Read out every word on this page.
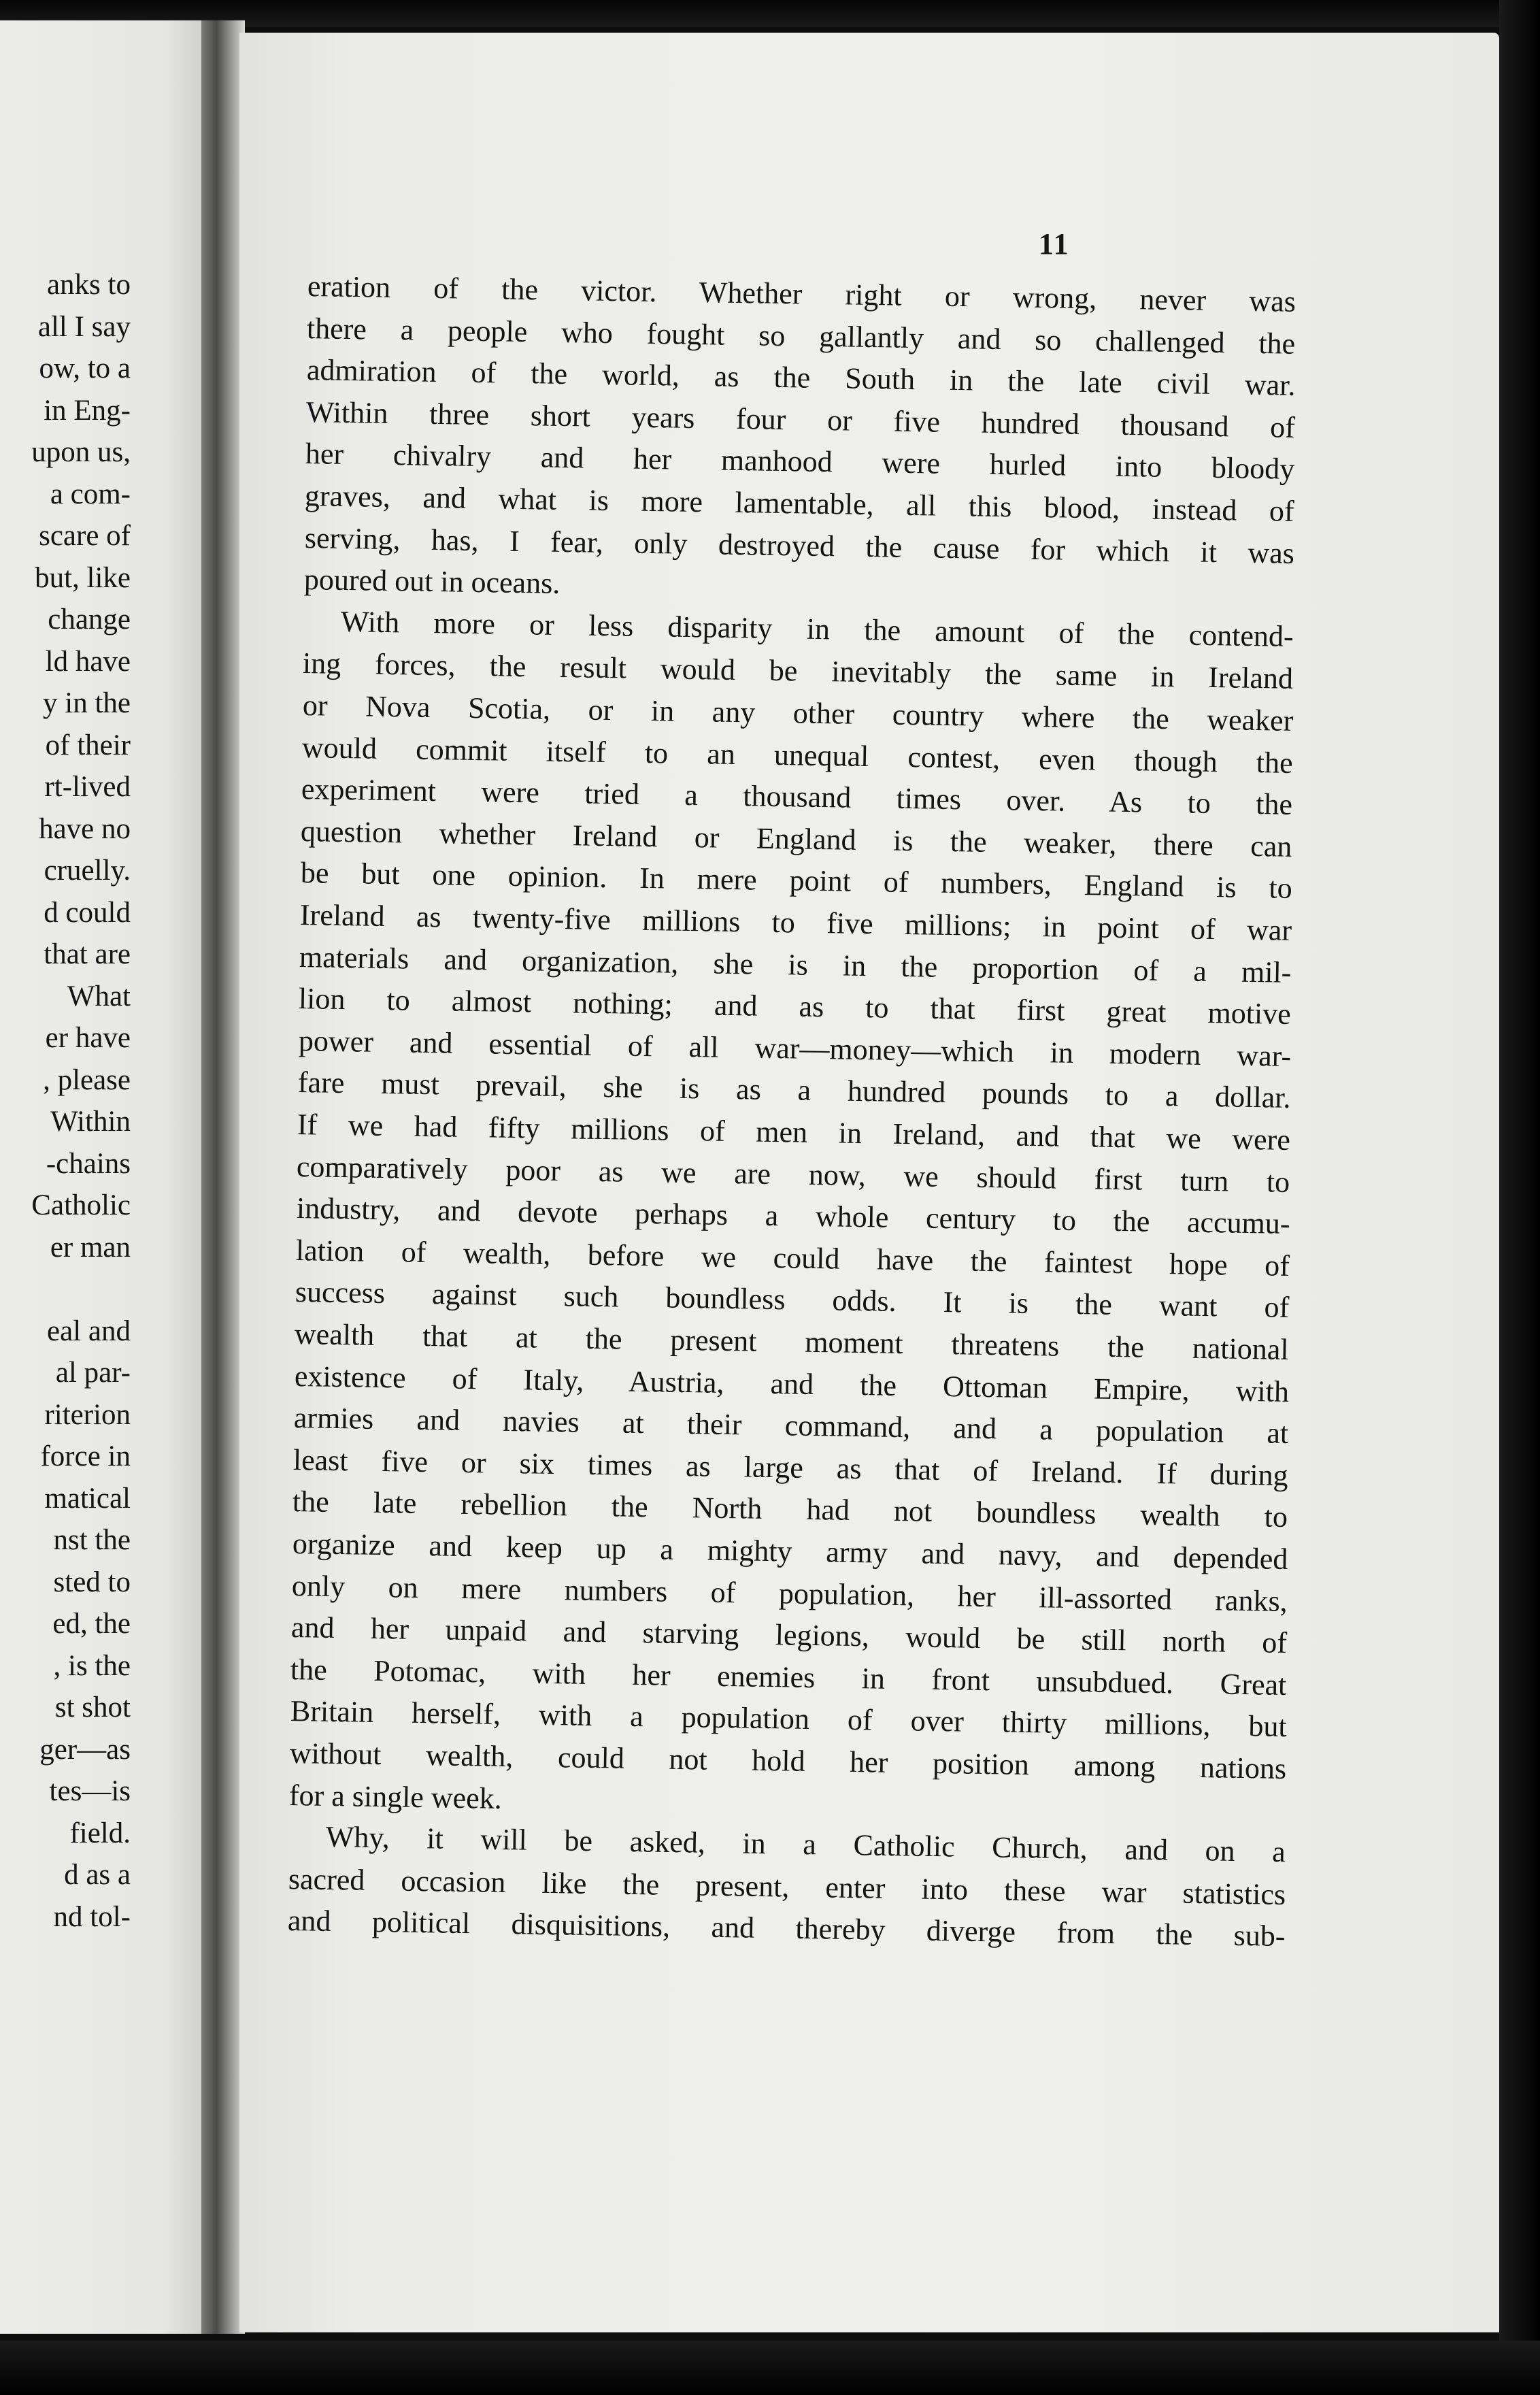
anks to
all I say
ow, to a
in Eng-
upon us,
a com-
scare of
but, like
change
ld have
y in the
of their
rt-lived
have no
cruelly.
d could
that are
What
er have
, please
Within
-chains
Catholic
er man

eal and
al par-
riterion
force in
matical
nst the
sted to
ed, the
, is the
st shot
ger—as
tes—is
field.
d as a
nd tol-
11
eration of the victor. Whether right or wrong, never was
there a people who fought so gallantly and so challenged the
admiration of the world, as the South in the late civil war.
Within three short years four or five hundred thousand of
her chivalry and her manhood were hurled into bloody
graves, and what is more lamentable, all this blood, instead of
serving, has, I fear, only destroyed the cause for which it was
poured out in oceans.
With more or less disparity in the amount of the contend-
ing forces, the result would be inevitably the same in Ireland
or Nova Scotia, or in any other country where the weaker
would commit itself to an unequal contest, even though the
experiment were tried a thousand times over. As to the
question whether Ireland or England is the weaker, there can
be but one opinion. In mere point of numbers, England is to
Ireland as twenty-five millions to five millions; in point of war
materials and organization, she is in the proportion of a mil-
lion to almost nothing; and as to that first great motive
power and essential of all war—money—which in modern war-
fare must prevail, she is as a hundred pounds to a dollar.
If we had fifty millions of men in Ireland, and that we were
comparatively poor as we are now, we should first turn to
industry, and devote perhaps a whole century to the accumu-
lation of wealth, before we could have the faintest hope of
success against such boundless odds. It is the want of
wealth that at the present moment threatens the national
existence of Italy, Austria, and the Ottoman Empire, with
armies and navies at their command, and a population at
least five or six times as large as that of Ireland. If during
the late rebellion the North had not boundless wealth to
organize and keep up a mighty army and navy, and depended
only on mere numbers of population, her ill-assorted ranks,
and her unpaid and starving legions, would be still north of
the Potomac, with her enemies in front unsubdued. Great
Britain herself, with a population of over thirty millions, but
without wealth, could not hold her position among nations
for a single week.
Why, it will be asked, in a Catholic Church, and on a
sacred occasion like the present, enter into these war statistics
and political disquisitions, and thereby diverge from the sub-
